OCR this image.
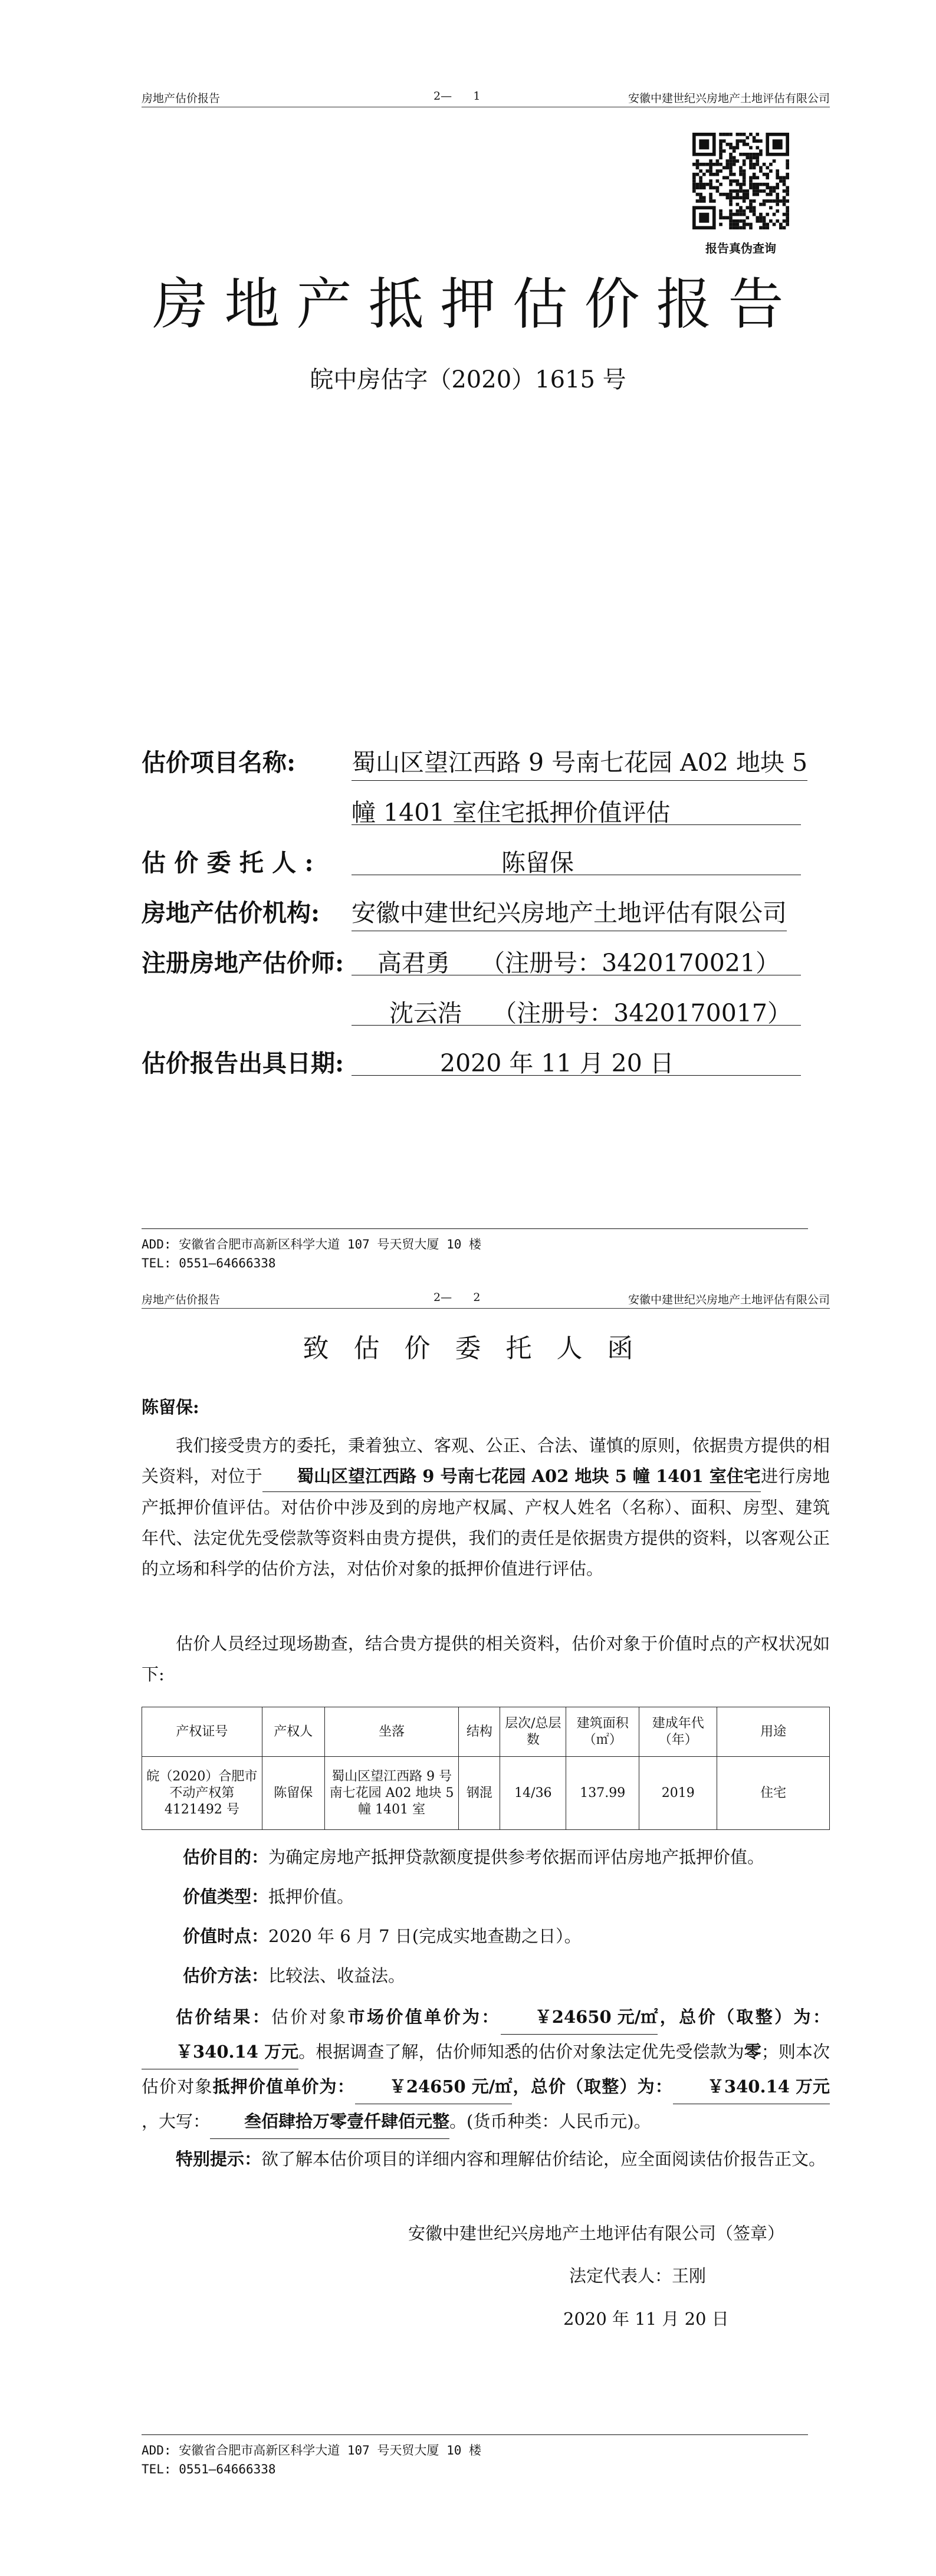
房地产估价报告	2—      1	安徽中建世纪兴房地产土地评估有限公司
报告真伪查询
房地产抵押估价报告
皖中房估字（2020）1615 号
估价项目名称: 蜀山区望江西路 9 号南七花园 A02 地块 5
幢 1401 室住宅抵押价值评估
估 价 委 托 人 :	陈留保
房地产估价机构: 安徽中建世纪兴房地产土地评估有限公司
注册房地产估价师: 高君勇    （注册号：3420170021）
沈云浩    （注册号：3420170017）
估价报告出具日期:	2020 年 11 月 20 日
ADD: 安徽省合肥市高新区科学大道 107 号天贸大厦 10 楼
TEL: 0551—64666338
房地产估价报告	2—      2	安徽中建世纪兴房地产土地评估有限公司
致估价委托人函
陈留保:

我们接受贵方的委托，秉着独立、客观、公正、合法、谨慎的原则，依据贵方提供的相关资料，对位于 蜀山区望江西路 9 号南七花园 A02 地块 5 幢 1401 室住宅进行房地产抵押价值评估。对估价中涉及到的房地产权属、产权人姓名（名称）、面积、房型、建筑年代、法定优先受偿款等资料由贵方提供，我们的责任是依据贵方提供的资料，以客观公正的立场和科学的估价方法，对估价对象的抵押价值进行评估。

估价人员经过现场勘查，结合贵方提供的相关资料，估价对象于价值时点的产权状况如下:

产权证号	产权人	坐落	结构	层次/总层数	建筑面积（㎡）	建成年代（年）	用途
皖（2020）合肥市不动产权第 4121492 号	陈留保	蜀山区望江西路 9 号南七花园 A02 地块 5 幢 1401 室	钢混	14/36	137.99	2019	住宅
估价目的：为确定房地产抵押贷款额度提供参考依据而评估房地产抵押价值。
价值类型：抵押价值。
价值时点：2020 年 6 月 7 日(完成实地查勘之日）。
估价方法：比较法、收益法。

估价结果：估价对象市场价值单价为： ￥24650 元/㎡，总价（取整）为：￥340.14 万元。根据调查了解，估价师知悉的估价对象法定优先受偿款为零；则本次估价对象抵押价值单价为： ￥24650 元/㎡，总价（取整）为： ￥340.14 万元，大写： 叁佰肆拾万零壹仟肆佰元整。(货币种类：人民币元)。

特别提示：欲了解本估价项目的详细内容和理解估价结论，应全面阅读估价报告正文。

安徽中建世纪兴房地产土地评估有限公司（签章）
法定代表人：王刚
2020 年 11 月 20 日
ADD: 安徽省合肥市高新区科学大道 107 号天贸大厦 10 楼
TEL: 0551—64666338
